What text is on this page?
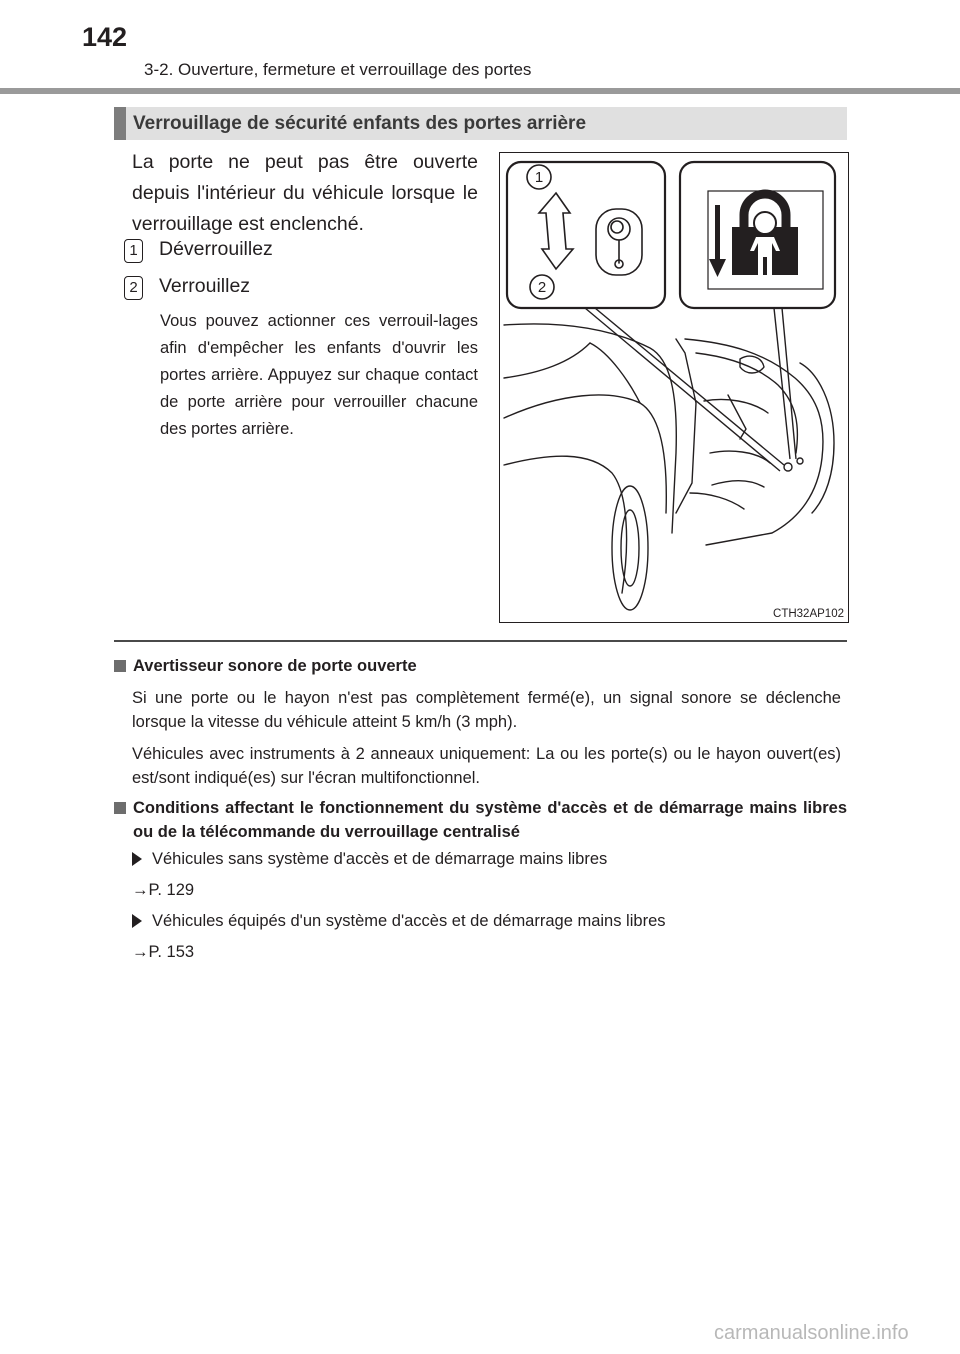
142
3-2. Ouverture, fermeture et verrouillage des portes
Verrouillage de sécurité enfants des portes arrière
La porte ne peut pas être ouverte depuis l'intérieur du véhicule lorsque le verrouillage est enclenché.
1 Déverrouillez
2 Verrouillez
Vous pouvez actionner ces verrouil-lages afin d'empêcher les enfants d'ouvrir les portes arrière. Appuyez sur chaque contact de porte arrière pour verrouiller chacune des portes arrière.
1
2
CTH32AP102
Avertisseur sonore de porte ouverte
Si une porte ou le hayon n'est pas complètement fermé(e), un signal sonore se déclenche lorsque la vitesse du véhicule atteint 5 km/h (3 mph).
Véhicules avec instruments à 2 anneaux uniquement: La ou les porte(s) ou le hayon ouvert(es) est/sont indiqué(es) sur l'écran multifonctionnel.
Conditions affectant le fonctionnement du système d'accès et de démarrage mains libres ou de la télécommande du verrouillage centralisé
Véhicules sans système d'accès et de démarrage mains libres
→P. 129
Véhicules équipés d'un système d'accès et de démarrage mains libres
→P. 153
carmanualsonline.info
